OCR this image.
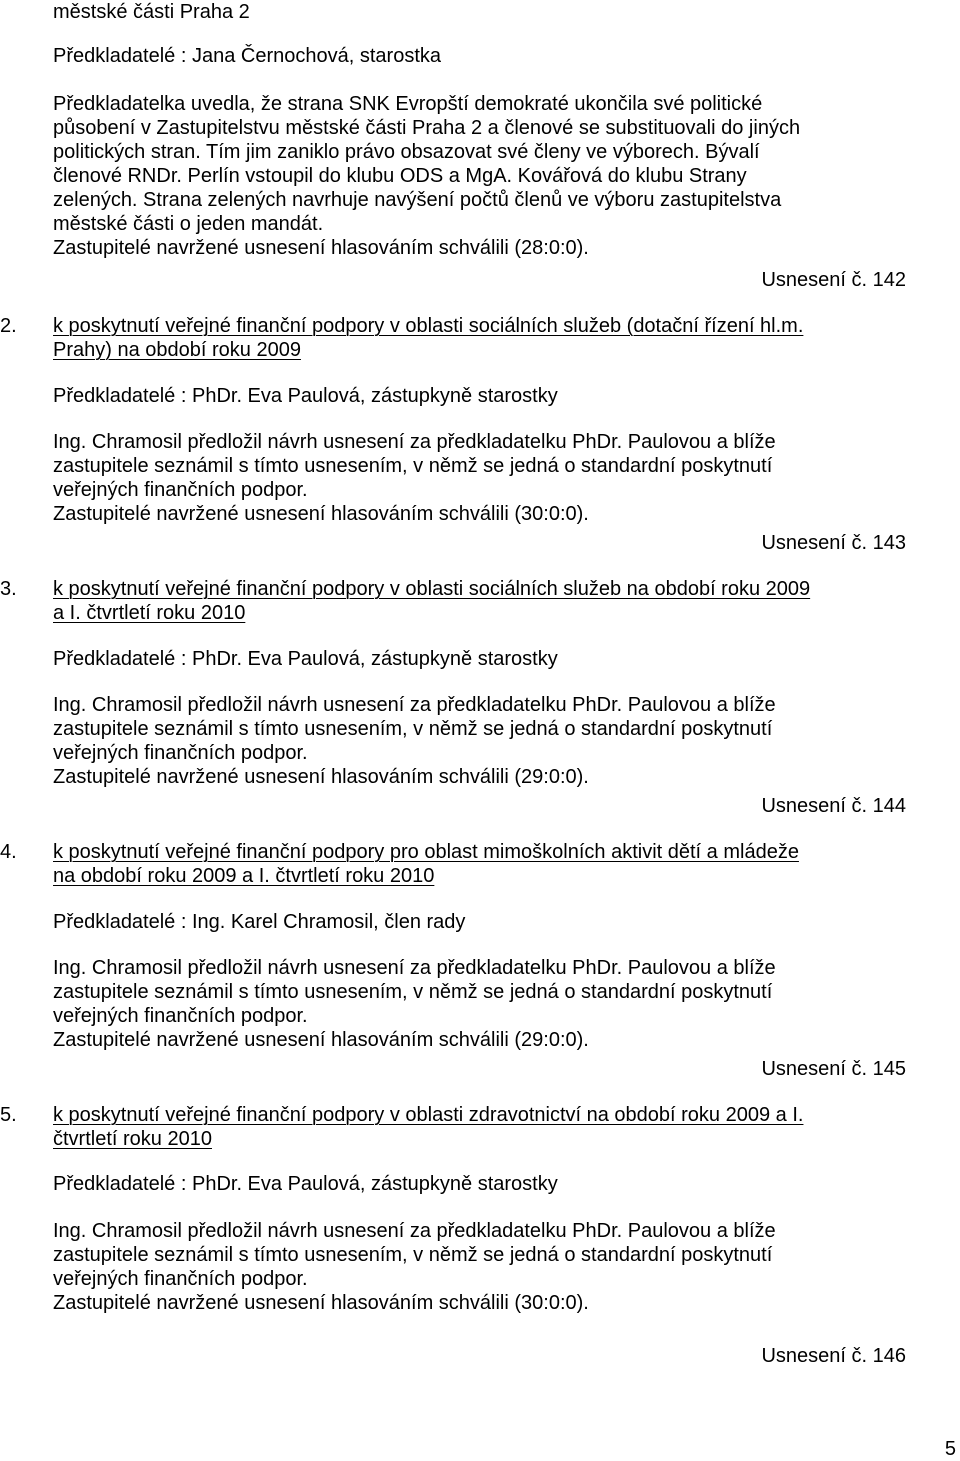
městské části Praha 2
Předkladatelé : Jana Černochová, starostka
Předkladatelka uvedla, že strana SNK Evropští demokraté ukončila své politické
působení v Zastupitelstvu městské části Praha 2 a členové se substituovali do jiných
politických stran. Tím jim zaniklo právo obsazovat své členy ve výborech. Bývalí
členové RNDr. Perlín vstoupil do klubu ODS a MgA. Kovářová do klubu Strany
zelených. Strana zelených navrhuje navýšení počtů členů ve výboru zastupitelstva
městské části o jeden mandát.
Zastupitelé navržené usnesení hlasováním schválili (28:0:0).
Usnesení č. 142
2. k poskytnutí veřejné finanční podpory v oblasti sociálních služeb (dotační řízení hl.m.
Prahy) na období roku 2009
Předkladatelé : PhDr. Eva Paulová, zástupkyně starostky
Ing. Chramosil předložil návrh usnesení za předkladatelku PhDr. Paulovou a blíže
zastupitele seznámil s tímto usnesením, v němž se jedná o standardní poskytnutí
veřejných finančních podpor.
Zastupitelé navržené usnesení hlasováním schválili (30:0:0).
Usnesení č. 143
3. k poskytnutí veřejné finanční podpory v oblasti sociálních služeb na období roku 2009
a I. čtvrtletí roku 2010
Předkladatelé : PhDr. Eva Paulová, zástupkyně starostky
Ing. Chramosil předložil návrh usnesení za předkladatelku PhDr. Paulovou a blíže
zastupitele seznámil s tímto usnesením, v němž se jedná o standardní poskytnutí
veřejných finančních podpor.
Zastupitelé navržené usnesení hlasováním schválili (29:0:0).
Usnesení č. 144
4. k poskytnutí veřejné finanční podpory pro oblast mimoškolních aktivit dětí a mládeže
na období roku 2009 a I. čtvrtletí roku 2010
Předkladatelé : Ing. Karel Chramosil, člen rady
Ing. Chramosil předložil návrh usnesení za předkladatelku PhDr. Paulovou a blíže
zastupitele seznámil s tímto usnesením, v němž se jedná o standardní poskytnutí
veřejných finančních podpor.
Zastupitelé navržené usnesení hlasováním schválili (29:0:0).
Usnesení č. 145
5. k poskytnutí veřejné finanční podpory v oblasti zdravotnictví na období roku 2009 a I.
čtvrtletí roku 2010
Předkladatelé : PhDr. Eva Paulová, zástupkyně starostky
Ing. Chramosil předložil návrh usnesení za předkladatelku PhDr. Paulovou a blíže
zastupitele seznámil s tímto usnesením, v němž se jedná o standardní poskytnutí
veřejných finančních podpor.
Zastupitelé navržené usnesení hlasováním schválili (30:0:0).
Usnesení č. 146
5
